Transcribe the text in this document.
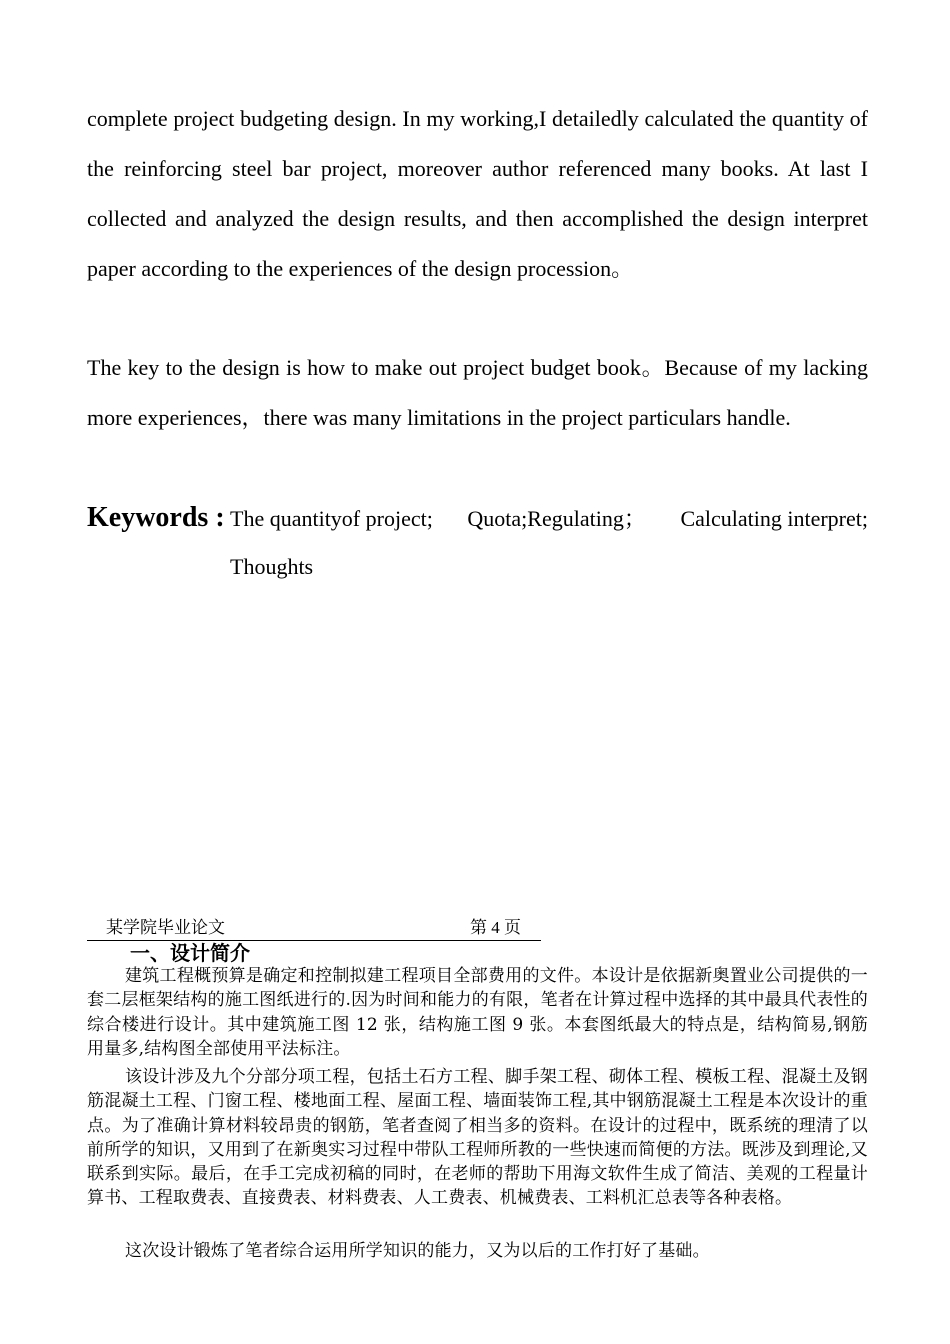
complete project budgeting design. In my working,I detailedly calculated the quantity of the reinforcing steel bar project, moreover author referenced many books. At last I collected and analyzed the design results, and then accomplished the design interpret paper according to the experiences of the design procession。

The key to the design is how to make out project budget book。Because of my lacking more experiences，there was many limitations in the project particulars handle.

Keywords : The quantityof project; Quota;Regulating； Calculating interpret;
Thoughts
某学院毕业论文	第 4 页
一、设计简介

建筑工程概预算是确定和控制拟建工程项目全部费用的文件。本设计是依据新奥置业公司提供的一套二层框架结构的施工图纸进行的.因为时间和能力的有限，笔者在计算过程中选择的其中最具代表性的综合楼进行设计。其中建筑施工图 12 张，结构施工图 9 张。本套图纸最大的特点是，结构简易,钢筋用量多,结构图全部使用平法标注。

该设计涉及九个分部分项工程，包括土石方工程、脚手架工程、砌体工程、模板工程、混凝土及钢筋混凝土工程、门窗工程、楼地面工程、屋面工程、墙面装饰工程,其中钢筋混凝土工程是本次设计的重点。为了准确计算材料较昂贵的钢筋，笔者查阅了相当多的资料。在设计的过程中，既系统的理清了以前所学的知识，又用到了在新奥实习过程中带队工程师所教的一些快速而简便的方法。既涉及到理论,又联系到实际。最后，在手工完成初稿的同时，在老师的帮助下用海文软件生成了简洁、美观的工程量计算书、工程取费表、直接费表、材料费表、人工费表、机械费表、工料机汇总表等各种表格。

这次设计锻炼了笔者综合运用所学知识的能力，又为以后的工作打好了基础。
